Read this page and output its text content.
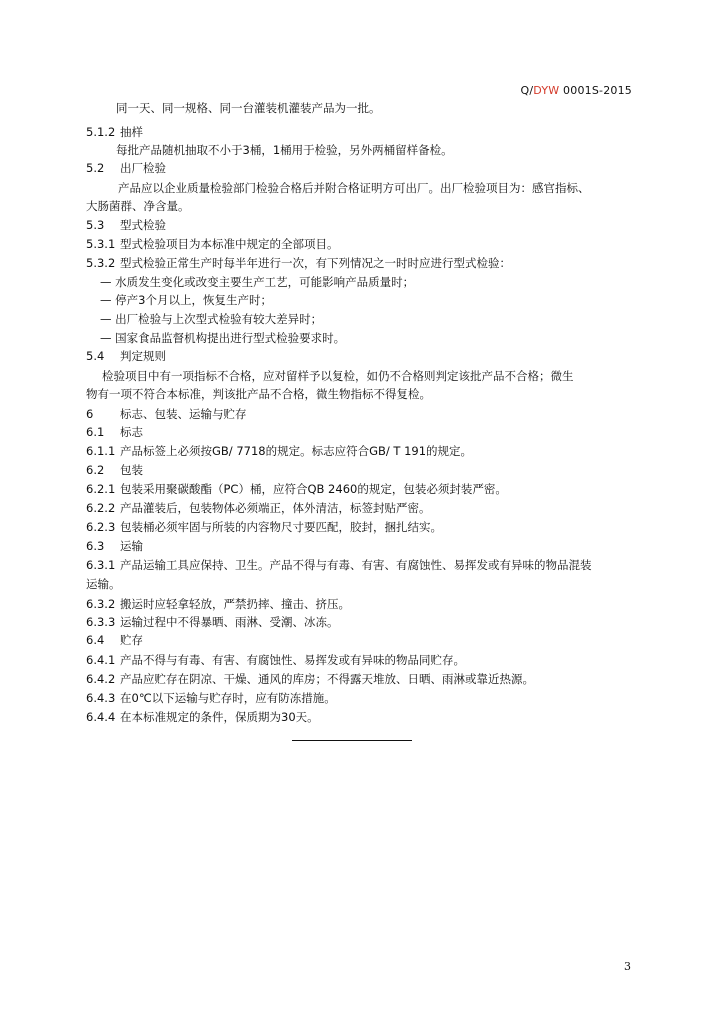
Q/DYW 0001S-2015
同一天、同一规格、同一台灌装机灌装产品为一批。
5.1.2 抽样
每批产品随机抽取不小于3桶，1桶用于检验，另外两桶留样备检。
5.2 出厂检验
产品应以企业质量检验部门检验合格后并附合格证明方可出厂。出厂检验项目为：感官指标、
大肠菌群、净含量。
5.3 型式检验
5.3.1 型式检验项目为本标准中规定的全部项目。
5.3.2 型式检验正常生产时每半年进行一次，有下列情况之一时时应进行型式检验：
— 水质发生变化或改变主要生产工艺，可能影响产品质量时；
— 停产3个月以上，恢复生产时；
— 出厂检验与上次型式检验有较大差异时；
— 国家食品监督机构提出进行型式检验要求时。
5.4 判定规则
检验项目中有一项指标不合格，应对留样予以复检，如仍不合格则判定该批产品不合格；微生
物有一项不符合本标准，判该批产品不合格，微生物指标不得复检。
6 标志、包装、运输与贮存
6.1 标志
6.1.1 产品标签上必须按GB/ 7718的规定。标志应符合GB/ T 191的规定。
6.2 包装
6.2.1 包装采用聚碳酸酯（PC）桶，应符合QB 2460的规定，包装必须封装严密。
6.2.2 产品灌装后，包装物体必须端正，体外清洁，标签封贴严密。
6.2.3 包装桶必须牢固与所装的内容物尺寸要匹配，胶封，捆扎结实。
6.3 运输
6.3.1 产品运输工具应保持、卫生。产品不得与有毒、有害、有腐蚀性、易挥发或有异味的物品混装
运输。
6.3.2 搬运时应轻拿轻放，严禁扔摔、撞击、挤压。
6.3.3 运输过程中不得暴晒、雨淋、受潮、冰冻。
6.4 贮存
6.4.1 产品不得与有毒、有害、有腐蚀性、易挥发或有异味的物品同贮存。
6.4.2 产品应贮存在阴凉、干燥、通风的库房；不得露天堆放、日晒、雨淋或靠近热源。
6.4.3 在0℃以下运输与贮存时，应有防冻措施。
6.4.4 在本标准规定的条件，保质期为30天。
3
